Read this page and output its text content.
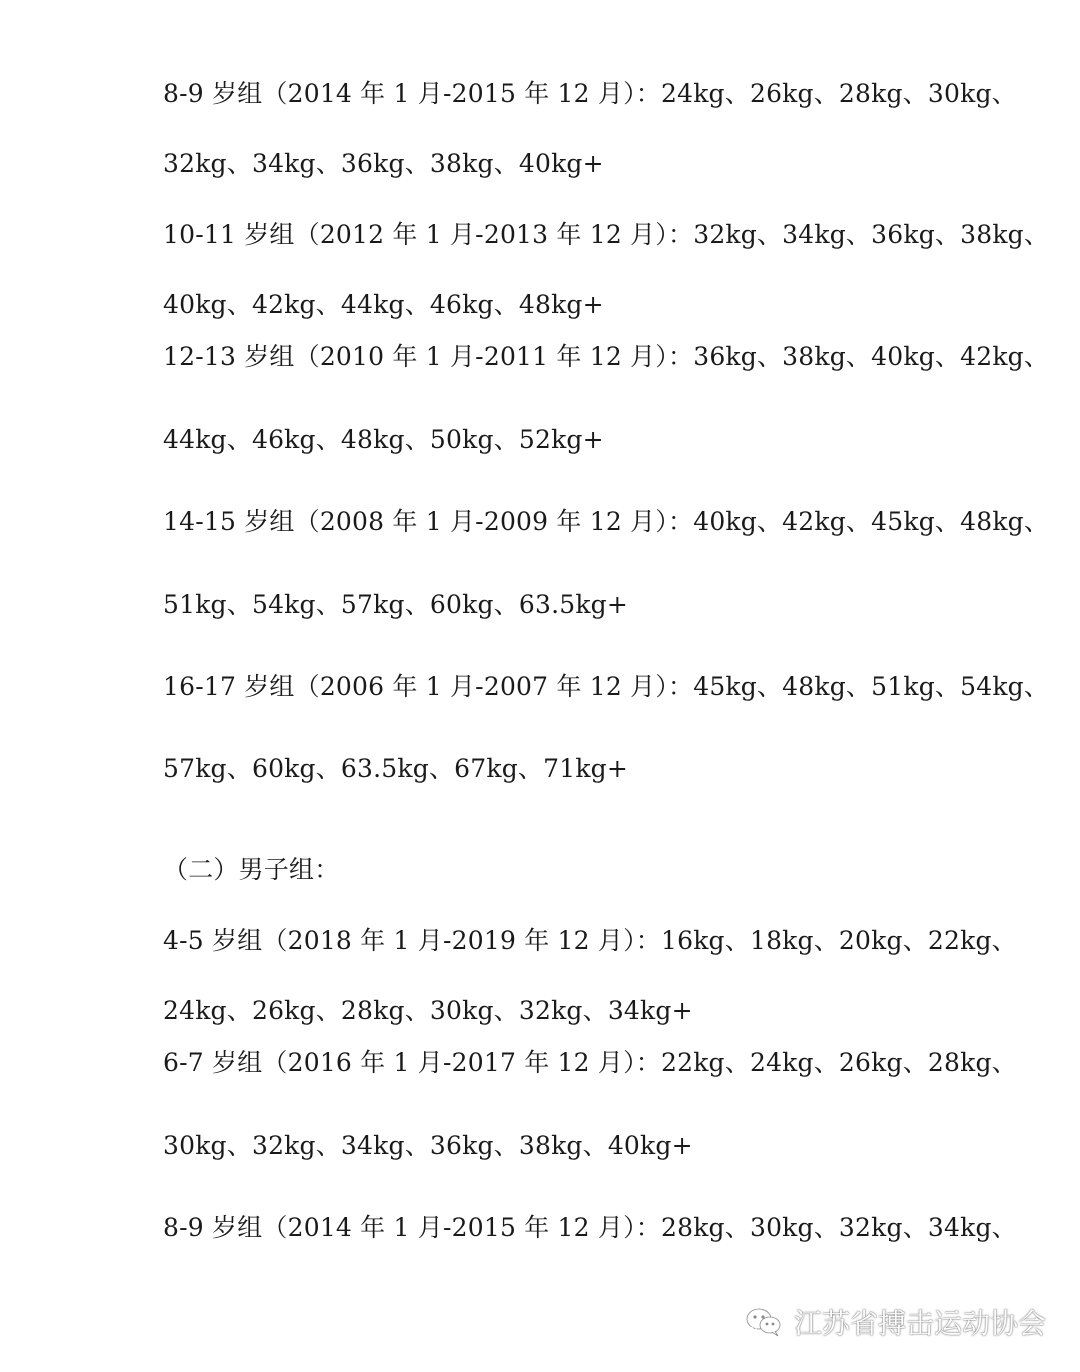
8-9 岁组（2014 年 1 月-2015 年 12 月）：24kg、26kg、28kg、30kg、
32kg、34kg、36kg、38kg、40kg+
10-11 岁组（2012 年 1 月-2013 年 12 月）：32kg、34kg、36kg、38kg、
40kg、42kg、44kg、46kg、48kg+
12-13 岁组（2010 年 1 月-2011 年 12 月）：36kg、38kg、40kg、42kg、
44kg、46kg、48kg、50kg、52kg+
14-15 岁组（2008 年 1 月-2009 年 12 月）：40kg、42kg、45kg、48kg、
51kg、54kg、57kg、60kg、63.5kg+
16-17 岁组（2006 年 1 月-2007 年 12 月）：45kg、48kg、51kg、54kg、
57kg、60kg、63.5kg、67kg、71kg+
（二）男子组：
4-5 岁组（2018 年 1 月-2019 年 12 月）：16kg、18kg、20kg、22kg、
24kg、26kg、28kg、30kg、32kg、34kg+
6-7 岁组（2016 年 1 月-2017 年 12 月）：22kg、24kg、26kg、28kg、
30kg、32kg、34kg、36kg、38kg、40kg+
8-9 岁组（2014 年 1 月-2015 年 12 月）：28kg、30kg、32kg、34kg、
江苏省搏击运动协会
